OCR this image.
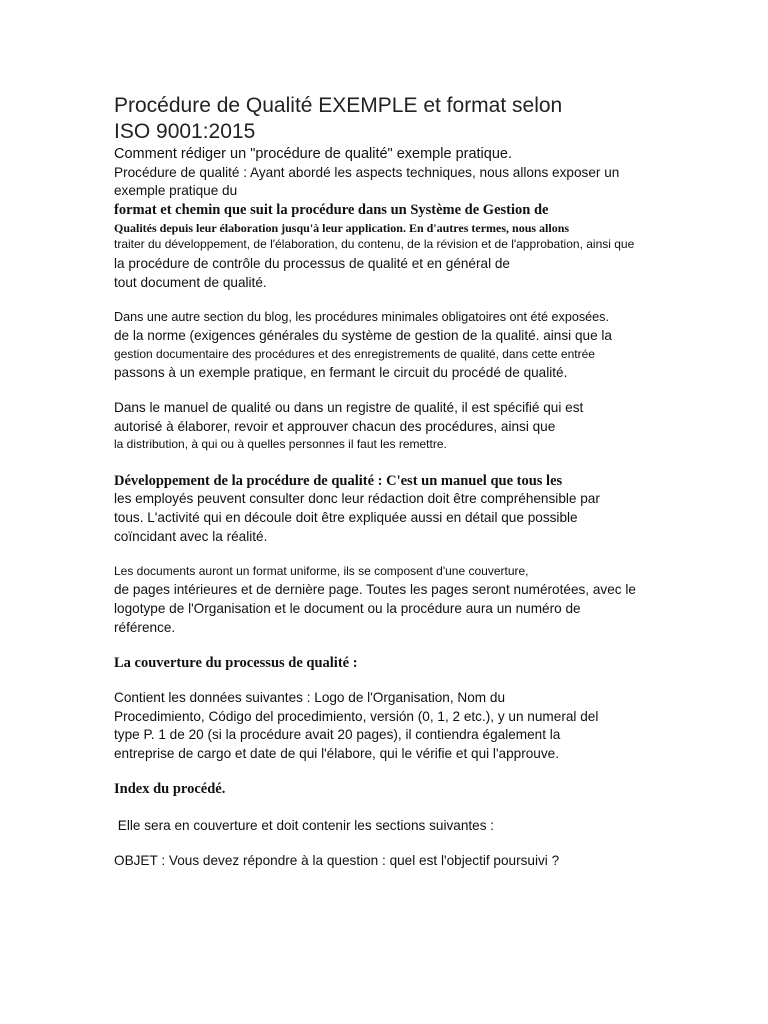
Procédure de Qualité EXEMPLE et format selon
ISO 9001:2015
Comment rédiger un "procédure de qualité" exemple pratique.
Procédure de qualité : Ayant abordé les aspects techniques, nous allons exposer un
exemple pratique du
format et chemin que suit la procédure dans un Système de Gestion de
Qualités depuis leur élaboration jusqu'à leur application. En d'autres termes, nous allons
traiter du développement, de l'élaboration, du contenu, de la révision et de l'approbation, ainsi que
la procédure de contrôle du processus de qualité et en général de
tout document de qualité.
Dans une autre section du blog, les procédures minimales obligatoires ont été exposées.
de la norme (exigences générales du système de gestion de la qualité. ainsi que la
gestion documentaire des procédures et des enregistrements de qualité, dans cette entrée
passons à un exemple pratique, en fermant le circuit du procédé de qualité.
Dans le manuel de qualité ou dans un registre de qualité, il est spécifié qui est
autorisé à élaborer, revoir et approuver chacun des procédures, ainsi que
la distribution, à qui ou à quelles personnes il faut les remettre.
Développement de la procédure de qualité : C'est un manuel que tous les
les employés peuvent consulter donc leur rédaction doit être compréhensible par
tous. L'activité qui en découle doit être expliquée aussi en détail que possible
coïncidant avec la réalité.
Les documents auront un format uniforme, ils se composent d'une couverture,
de pages intérieures et de dernière page. Toutes les pages seront numérotées, avec le
logotype de l'Organisation et le document ou la procédure aura un numéro de
référence.
La couverture du processus de qualité :
Contient les données suivantes : Logo de l'Organisation, Nom du
Procedimiento, Código del procedimiento, versión (0, 1, 2 etc.), y un numeral del
type P. 1 de 20 (si la procédure avait 20 pages), il contiendra également la
entreprise de cargo et date de qui l'élabore, qui le vérifie et qui l'approuve.
Index du procédé.
Elle sera en couverture et doit contenir les sections suivantes :
OBJET : Vous devez répondre à la question : quel est l'objectif poursuivi ?
